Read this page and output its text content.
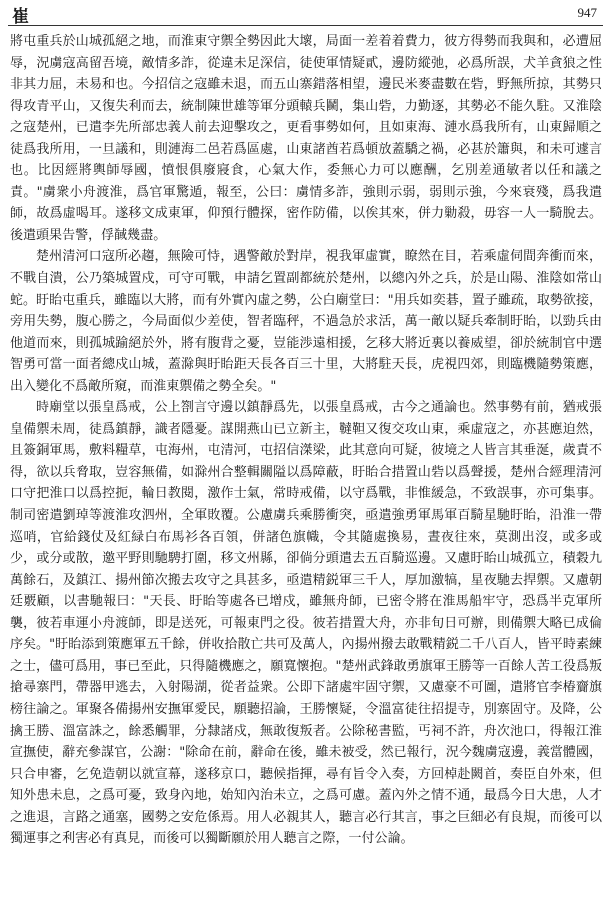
崔	947

將屯重兵於山城孤絕之地，而淮東守禦全勢因此大壞，局面一差着着費力，彼方得勢而我與和，必遭屈辱，況虜寇高留吾境，敵情多詐，從違未足深信，徒使軍情疑貳，邊防縱弛，必爲所誤，犬羊貪狼之性非其力屈，未易和也。今招信之寇雖未退，而五山寨錯落相望，邊民米麥盡數在砦，野無所掠，其勢只得攻青平山，又復失利而去，統制陳世雄等軍分頭轅兵鬭，集山砦，力勤逐，其勢必不能久駐。又淮陰之寇楚州，已遣李先所部忠義人前去迎擊攻之，更看事勢如何，且如東海、漣水爲我所有，山東歸順之徒爲我所用，一旦議和，則漣海二邑若爲區處，山東諸酋若爲頓放蓋驕之禍，必甚於簫與，和未可遽言也。比因經將輿師辱國，憤恨俱廢寢食，心氣大作，委無心力可以應酬，乞別差通敏者以任和議之責。"虜衆小舟渡淮，爲官軍驚遁，報至，公曰：虜情多詐，強則示弱，弱則示強，今來衰殘，爲我遣師，故爲虛喝耳。遂移文成東軍，仰預行體探，密作防備，以俟其來，併力勦殺，毋容一人一騎脫去。後遣頭果告警，俘馘幾盡。

楚州清河口寇所必趨，無險可恃，遇警敵於對岸，視我軍虛實，瞭然在目，若乘虛伺間奔衝而來，不戰自潰，公乃築城置戍，可守可戰，申請乞置副都統於楚州，以總內外之兵，於是山陽、淮陰如常山蛇。盱眙屯重兵，雖臨以大將，而有外實內虛之勢，公白廟堂曰："用兵如奕碁，置子雖疏，取勢欲接，旁用失勢，腹心勝之，今局面似少差使，智者臨秤，不過急於求活，萬一敵以疑兵牽制盱眙，以勁兵由他道而來，則孤城踰絕於外，將有腹背之憂，豈能渉遠相援，乞移大將近裏以養威望，卻於統制官中選智勇可當一面者總戍山城，蓋滁與盱眙距天長各百三十里，大將駐天長，虎視四郊，則臨機隨勢策應，出入變化不爲敵所窺，而淮東禦備之勢全矣。"

時廟堂以張皇爲戒，公上劄言守邊以鎮靜爲先，以張皇爲戒，古今之通論也。然事勢有前，猶戒張皇備禦未周，徒爲鎮靜，識者隱憂。謀開燕山已立新主，韃靼又復交攻山東，乘虛寇之，亦甚應迫然，且簽銅軍馬，敷料糧草，屯海州，屯清河，屯招信滐梁，此其意向可疑，彼境之人皆言其垂涎，歲責不得，欲以兵脅取，豈容無備，如滁州合整輯關隘以爲障蔽，盱眙合措置山砦以爲聲援，楚州合經理清河口守把淮口以爲控扼，輪日教閱，激作士氣，常時戒備，以守爲戰，非惟緩急，不致誤事，亦可集事。制司密遣劉琸等渡淮攻泗州，全軍敗覆。公慮虜兵乘勝衝突，亟遣強勇軍馬軍百騎星馳盱眙，沿淮一帶巡哨，官給錢仗及紅緑白布馬衫各百領，併諸色旗幟，令其隨處換易，晝夜往來，莫測出沒，或多或少，或分或散，邀平野則馳騁打圍，移文州縣，卻倘分頭遣去五百騎巡邊。又慮盱眙山城孤立，積穀九萬餘石，及鎮江、揚州節次搬去攻守之具甚多，亟遣精鋭軍三千人，厚加激犒，星夜馳去捍禦。又慮朝廷覈顧，以書馳報曰："天長、盱眙等處各已增戍，雖無舟師，已密令將在淮馬船牢守，恐爲半克軍所襲，彼若車運小舟渡師，即是送死，可報東門之役。彼若措置大舟，亦非旬日可辦，則備禦大略已成倫序矣。"盱眙添到策應軍五千餘，併收拾散亡共可及萬人，內揚州撥去敢戰精鋭二千八百人，皆平時素練之士，儘可爲用，事已至此，只得隨機應之，願寬懷抱。"楚州武鋒敢勇旗軍王勝等一百餘人苦工役爲叛搶尋寨門，帶器甲逃去，入射陽湖，從者益衆。公即下諸處牢固守禦，又慮豪不可圖，遣將官李椿齎旗榜往論之。軍聚各備揚州安撫軍愛民，願聽招論，王勝懷疑，令溫富徒往招提寺，別寨固守。及降，公擒王勝、溫富誅之，餘悉觸罪，分隸諸戍，無敢復叛者。公除秘書監，丐祠不許，舟次池口，得報江淮宣撫使，辭充參謀官，公謝："除命在前，辭命在後，雖未被受，然已報行，況今魏虜寇邊，義當體國，只合申審，乞免造朝以就宣幕，遂移京口，聽候指揮，尋有旨令入奏，方回棹赴闕首，奏臣自外來，但知外患未息，之爲可憂，致身內地，始知內治未立，之爲可慮。蓋內外之情不通，最爲今日大患，人才之進退，言路之通塞，國勢之安危係焉。用人必親其人，聽言必行其言，事之巨細必有良規，而後可以獨運事之利害必有真見，而後可以獨斷願於用人聽言之際，一付公論。
